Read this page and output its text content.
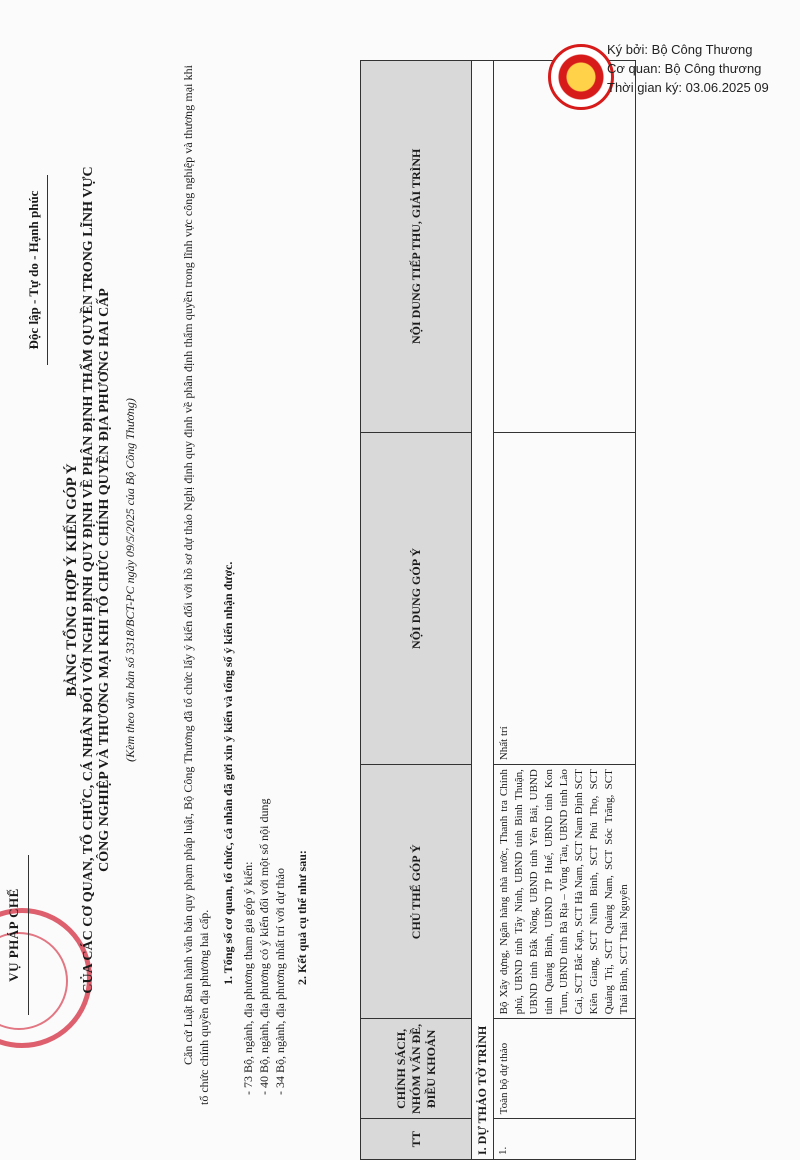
VỤ PHÁP CHẾ
Độc lập - Tự do - Hạnh phúc
BẢNG TỔNG HỢP Ý KIẾN GÓP Ý CỦA CÁC CƠ QUAN, TỔ CHỨC, CÁ NHÂN ĐỐI VỚI NGHỊ ĐỊNH QUY ĐỊNH VỀ PHÂN ĐỊNH THẨM QUYỀN TRONG LĨNH VỰC CÔNG NGHIỆP VÀ THƯƠNG MẠI KHI TỔ CHỨC CHÍNH QUYỀN ĐỊA PHƯƠNG HAI CẤP (Kèm theo văn bản số 3318/BCT-PC ngày 09/5/2025 của Bộ Công Thương)	Căn cứ Luật Ban hành văn bản quy phạm pháp luật, Bộ Công Thương đã tổ chức lấy ý kiến đối với hồ sơ dự thảo Nghị định quy định về phân định thẩm quyền trong lĩnh vực công nghiệp và thương mại khi tổ chức chính quyền địa phương hai cấp.

1. Tổng số cơ quan, tổ chức, cá nhân đã gửi xin ý kiến và tổng số ý kiến nhận được. - 73 Bộ, ngành, địa phương tham gia góp ý kiến: - 40 Bộ, ngành, địa phương có ý kiến đối với một số nội dung - 34 Bộ, ngành, địa phương nhất trí với dự thảo 2. Kết quả cụ thể như sau:
TT	CHÍNH SÁCH, NHÓM VẤN ĐỀ, ĐIỀU KHOẢN	CHỦ THỂ GÓP Ý	NỘI DUNG GÓP Ý	NỘI DUNG TIẾP THU, GIẢI TRÌNH
I. DỰ THẢO TỜ TRÌNH				
1.	Toàn bộ dự thảo	Bộ Xây dựng, Ngân hàng nhà nước, Thanh tra Chính phủ, UBND tỉnh Tây Ninh, UBND tỉnh Bình Thuận, UBND tỉnh Đắk Nông, UBND tỉnh Yên Bái, UBND tỉnh Quảng Bình, UBND TP Huế, UBND tỉnh Kon Tum, UBND tỉnh Bà Rịa – Vũng Tàu, UBND tỉnh Lào Cai, SCT Bắc Kạn, SCT Hà Nam, SCT Nam Định SCT Kiên Giang, SCT Ninh Bình, SCT Phú Thọ, SCT Quảng Trị, SCT Quảng Nam, SCT Sóc Trăng, SCT Thái Bình, SCT Thái Nguyên	Nhất trí	
Ký bởi: Bộ Công Thương
Cơ quan: Bộ Công thương
Thời gian ký: 03.06.2025 09
